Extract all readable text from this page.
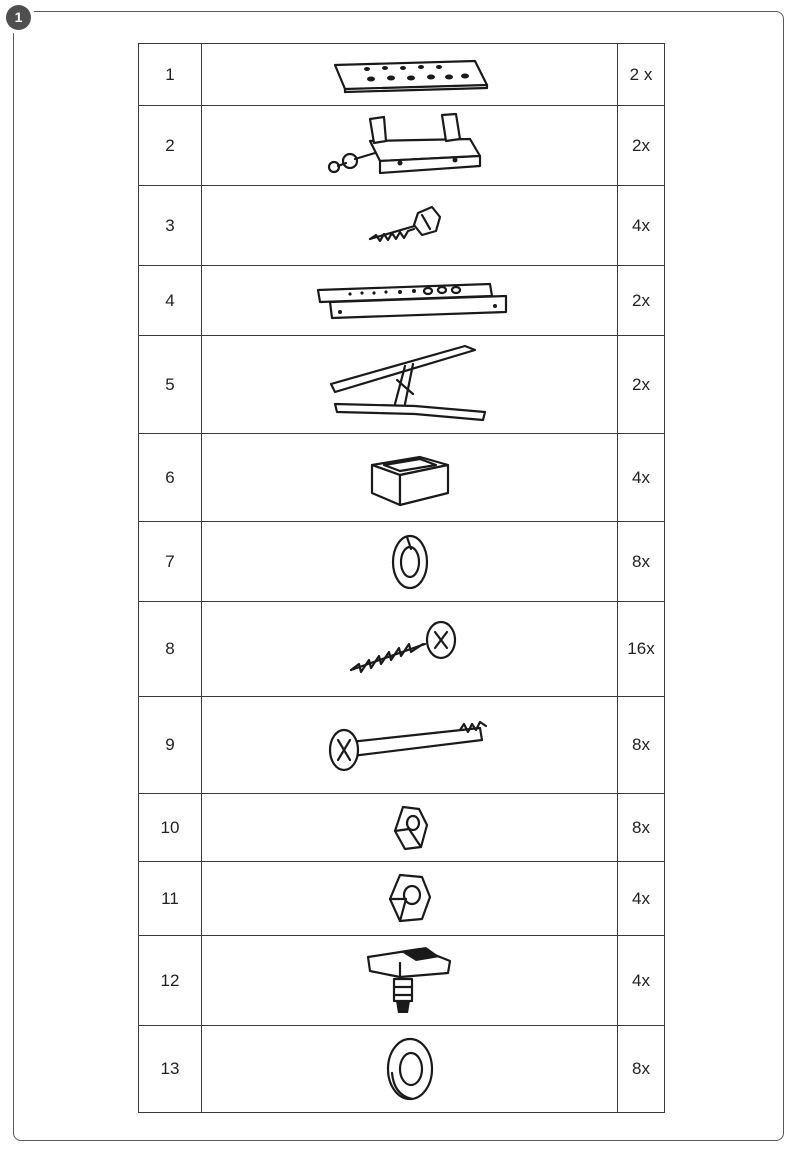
1
1		2 x
2		2x
3		4x
4		2x
5		2x
6		4x
7		8x
8		16x
9		8x
10		8x
11		4x
12		4x
13		8x
